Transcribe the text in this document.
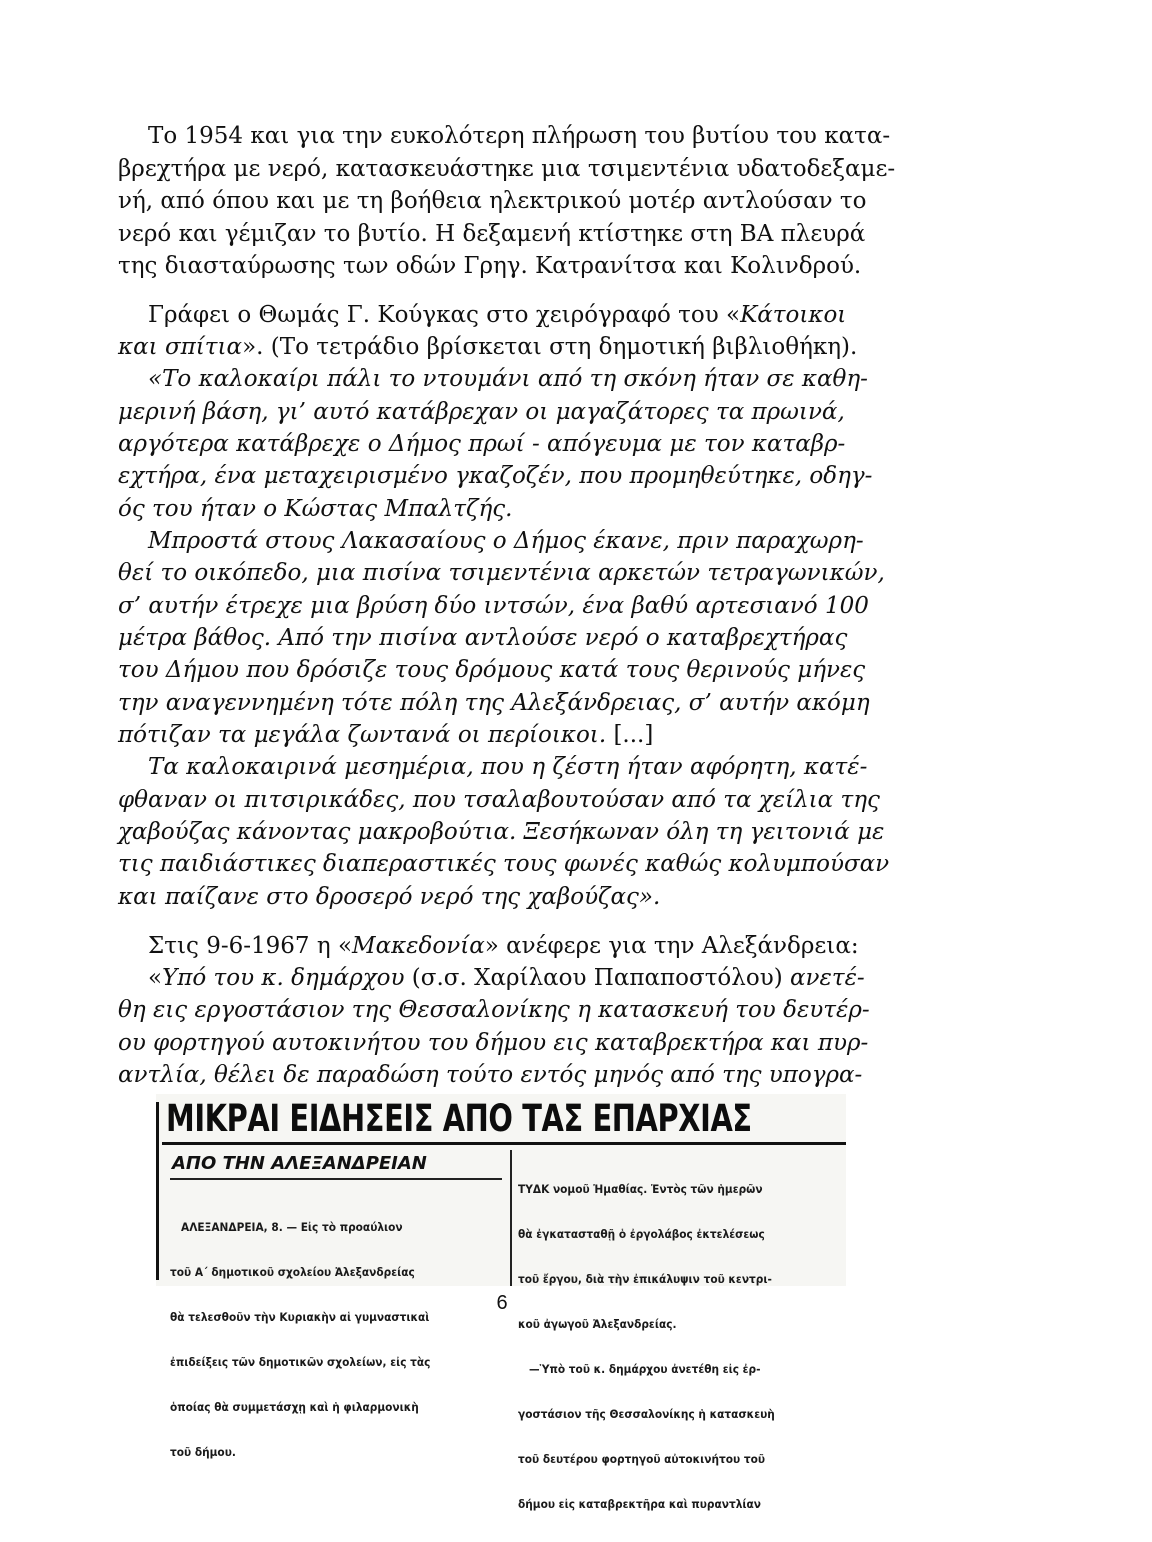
Το 1954 και για την ευκολότερη πλήρωση του βυτίου του κατα-
βρεχτήρα με νερό, κατασκευάστηκε μια τσιμεντένια υδατοδεξαμε-
νή, από όπου και με τη βοήθεια ηλεκτρικού μοτέρ αντλούσαν το
νερό και γέμιζαν το βυτίο. Η δεξαμενή κτίστηκε στη ΒΑ πλευρά
της διασταύρωσης των οδών Γρηγ. Κατρανίτσα και Κολινδρού.
Γράφει ο Θωμάς Γ. Κούγκας στο χειρόγραφό του «Κάτοικοι
και σπίτια». (Το τετράδιο βρίσκεται στη δημοτική βιβλιοθήκη).
«Το καλοκαίρι πάλι το ντουμάνι από τη σκόνη ήταν σε καθη-
μερινή βάση, γι’ αυτό κατάβρεχαν οι μαγαζάτορες τα πρωινά,
αργότερα κατάβρεχε ο Δήμος πρωί - απόγευμα με τον καταβρ-
εχτήρα, ένα μεταχειρισμένο γκαζοζέν, που προμηθεύτηκε, οδηγ-
ός του ήταν ο Κώστας Μπαλτζής.
Μπροστά στους Λακασαίους ο Δήμος έκανε, πριν παραχωρη-
θεί το οικόπεδο, μια πισίνα τσιμεντένια αρκετών τετραγωνικών,
σ’ αυτήν έτρεχε μια βρύση δύο ιντσών, ένα βαθύ αρτεσιανό 100
μέτρα βάθος. Από την πισίνα αντλούσε νερό ο καταβρεχτήρας
του Δήμου που δρόσιζε τους δρόμους κατά τους θερινούς μήνες
την αναγεννημένη τότε πόλη της Αλεξάνδρειας, σ’ αυτήν ακόμη
πότιζαν τα μεγάλα ζωντανά οι περίοικοι. [...]
Τα καλοκαιρινά μεσημέρια, που η ζέστη ήταν αφόρητη, κατέ-
φθαναν οι πιτσιρικάδες, που τσαλαβουτούσαν από τα χείλια της
χαβούζας κάνοντας μακροβούτια. Ξεσήκωναν όλη τη γειτονιά με
τις παιδιάστικες διαπεραστικές τους φωνές καθώς κολυμπούσαν
και παίζανε στο δροσερό νερό της χαβούζας».
Στις 9-6-1967 η «Μακεδονία» ανέφερε για την Αλεξάνδρεια:
«Υπό του κ. δημάρχου (σ.σ. Χαρίλαου Παπαποστόλου) ανετέ-
θη εις εργοστάσιον της Θεσσαλονίκης η κατασκευή του δευτέρ-
ου φορτηγού αυτοκινήτου του δήμου εις καταβρεκτήρα και πυρ-
αντλία, θέλει δε παραδώση τούτο εντός μηνός από της υπογρα-
ΜΙΚΡΑΙ ΕΙΔΗΣΕΙΣ ΑΠΟ ΤΑΣ ΕΠΑΡΧΙΑΣ
ΑΠΟ ΤΗΝ ΑΛΕΞΑΝΔΡΕΙΑΝ

ΑΛΕΞΑΝΔΡΕΙΑ, 8. — Εἰς τὸ προαύλιον

τοῦ Α΄ δημοτικοῦ σχολείου Ἀλεξανδρείας

θὰ τελεσθοῦν τὴν Κυριακὴν αἱ γυμναστικαὶ

ἐπιδείξεις τῶν δημοτικῶν σχολείων, εἰς τὰς

ὁποίας θὰ συμμετάσχῃ καὶ ἡ φιλαρμονικὴ

τοῦ δήμου.

ΤΥΔΚ νομοῦ Ἠμαθίας. Ἐντὸς τῶν ἡμερῶν

θὰ ἐγκατασταθῇ ὁ ἐργολάβος ἐκτελέσεως

τοῦ ἔργου, διὰ τὴν ἐπικάλυψιν τοῦ κεντρι-

κοῦ ἀγωγοῦ Ἀλεξανδρείας.

—Ὑπὸ τοῦ κ. δημάρχου ἀνετέθη εἰς ἐρ-

γοστάσιον τῆς Θεσσαλονίκης ἡ κατασκευὴ

τοῦ δευτέρου φορτηγοῦ αὐτοκινήτου τοῦ

δήμου εἰς καταβρεκτῆρα καὶ πυραντλίαν

6
